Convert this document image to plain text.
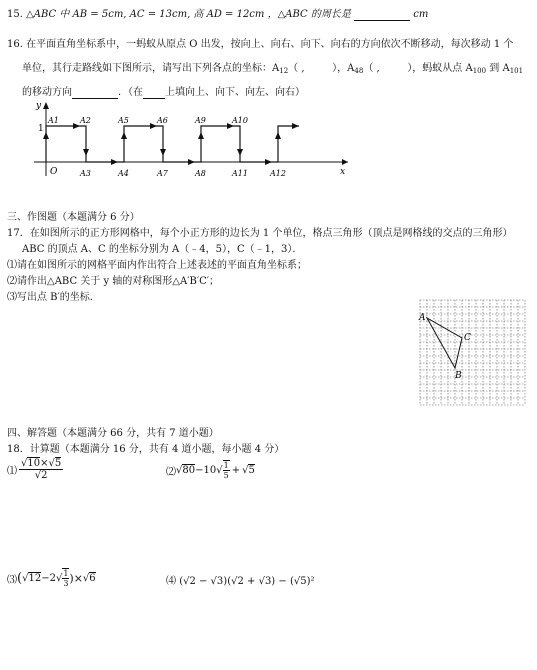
15. △ABC 中 AB = 5cm, AC = 13cm, 高 AD = 12cm ，△ABC 的周长是	cm
16. 在平面直角坐标系中，一蚂蚁从原点 O 出发，按向上、向右、向下、向右的方向依次不断移动，每次移动 1 个
单位，其行走路线如下图所示，请写出下列各点的坐标：$A_{12}$（ , ），$A_{48}$（ , ），蚂蚁从点 $A_{100}$ 到 $A_{101}$
的移动方向	．（在 上填向上、向下、向左、向右）
y
x
O
1
A1	A2	A5	A6	A9	A10
A3	A4	A7	A8	A11	A12
三、作图题（本题满分 6 分）
17．在如图所示的正方形网格中，每个小正方形的边长为 1 个单位，格点三角形（顶点是网格线的交点的三角形）
ABC 的顶点 A、C 的坐标分别为 A（﹣4，5），C（﹣1，3）．
⑴请在如图所示的网格平面内作出符合上述表述的平面直角坐标系；
⑵请作出△ABC 关于 y 轴的对称图形△A′B′C′；
⑶写出点 B′的坐标．
A
C
B
四、解答题（本题满分 66 分，共有 7 道小题）
18．计算题（本题满分 16 分，共有 4 道小题，每小题 4 分）
⑴ $\frac{√10\times√5}{√2}$	⑵ √80 −10 √ $\frac{1}{5} + √5$
⑶ ( √12 −2 √ $\frac{1}{3}$ )× √6	⑷ (√2 − √3)(√2 + √3) − (√5)²
